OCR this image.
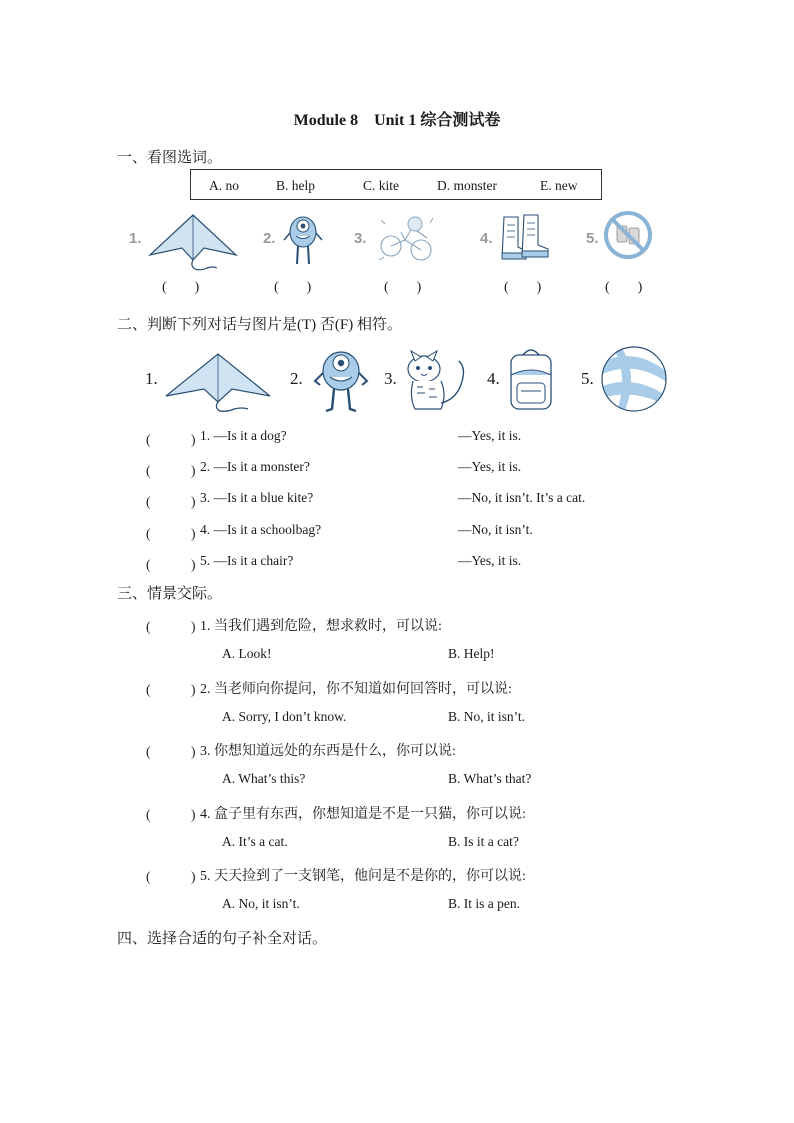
Module 8　Unit 1 综合测试卷
一、看图选词。
A. no	B. help	C. kite	D. monster	E. new
1.	2.	3.	4.	5.
(　　)	(　　)	(　　)	(　　)	(　　)
二、判断下列对话与图片是(T) 否(F) 相符。
1.	2.	3.	4.	5.
(　　　) 1. —Is it a dog?	—Yes, it is.
(　　　) 2. —Is it a monster?	—Yes, it is.
(　　　) 3. —Is it a blue kite?	—No, it isn’t. It’s a cat.
(　　　) 4. —Is it a schoolbag?	—No, it isn’t.
(　　　) 5. —Is it a chair?	—Yes, it is.
三、情景交际。
(　　　) 1. 当我们遇到危险，想求救时，可以说:
A. Look!	B. Help!
(　　　) 2. 当老师向你提问，你不知道如何回答时，可以说:
A. Sorry, I don’t know.	B. No, it isn’t.
(　　　) 3. 你想知道远处的东西是什么，你可以说:
A. What’s this?	B. What’s that?
(　　　) 4. 盒子里有东西，你想知道是不是一只猫，你可以说:
A. It’s a cat.	B. Is it a cat?
(　　　) 5. 天天捡到了一支钢笔，他问是不是你的，你可以说:
A. No, it isn’t.	B. It is a pen.
四、选择合适的句子补全对话。
